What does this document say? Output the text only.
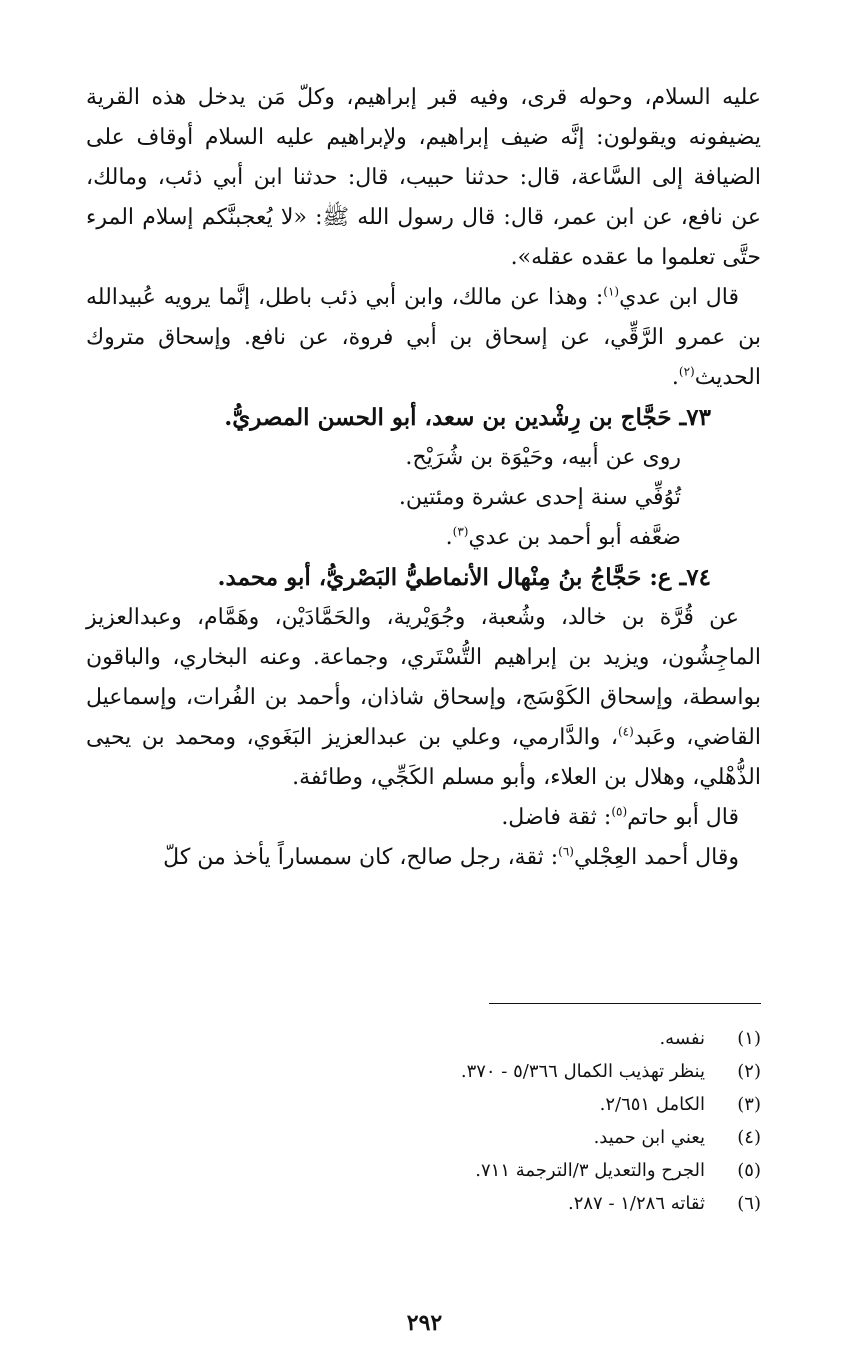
عليه السلام، وحوله قرى، وفيه قبر إبراهيم، وكلّ مَن يدخل هذه القرية يضيفونه ويقولون: إنَّه ضيف إبراهيم، ولإبراهيم عليه السلام أوقاف على الضيافة إلى السَّاعة، قال: حدثنا حبيب، قال: حدثنا ابن أبي ذئب، ومالك، عن نافع، عن ابن عمر، قال: قال رسول الله ﷺ: «لا يُعجبنَّكم إسلام المرء حتَّى تعلموا ما عقده عقله».

قال ابن عدي$^{(١)}$: وهذا عن مالك، وابن أبي ذئب باطل، إنَّما يرويه عُبيدالله بن عمرو الرَّقِّي، عن إسحاق بن أبي فروة، عن نافع. وإسحاق متروك الحديث$^{(٢)}$.

٧٣ـ حَجَّاج بن رِشْدين بن سعد، أبو الحسن المصريُّ.

روى عن أبيه، وحَيْوَة بن شُرَيْح.

تُوُفِّي سنة إحدى عشرة ومئتين.

ضعَّفه أبو أحمد بن عدي$^{(٣)}$.

٧٤ـ ع: حَجَّاجُ بنُ مِنْهال الأنماطيُّ البَصْريُّ، أبو محمد.

عن قُرَّة بن خالد، وشُعبة، وجُوَيْرية، والحَمَّادَيْن، وهَمَّام، وعبدالعزيز الماجِشُون، ويزيد بن إبراهيم التُّسْتَري، وجماعة. وعنه البخاري، والباقون بواسطة، وإسحاق الكَوْسَج، وإسحاق شاذان، وأحمد بن الفُرات، وإسماعيل القاضي، وعَبد$^{(٤)}$، والدَّارمي، وعلي بن عبدالعزيز البَغَوي، ومحمد بن يحيى الذُّهْلي، وهلال بن العلاء، وأبو مسلم الكَجِّي، وطائفة.

قال أبو حاتم$^{(٥)}$: ثقة فاضل.

وقال أحمد العِجْلي$^{(٦)}$: ثقة، رجل صالح، كان سمساراً يأخذ من كلّ

(١)نفسه.
(٢)ينظر تهذيب الكمال ٥/٣٦٦ - ٣٧٠.
(٣)الكامل ٢/٦٥١.
(٤)يعني ابن حميد.
(٥)الجرح والتعديل ٣/الترجمة ٧١١.
(٦)ثقاته ١/٢٨٦ - ٢٨٧.
٢٩٢
